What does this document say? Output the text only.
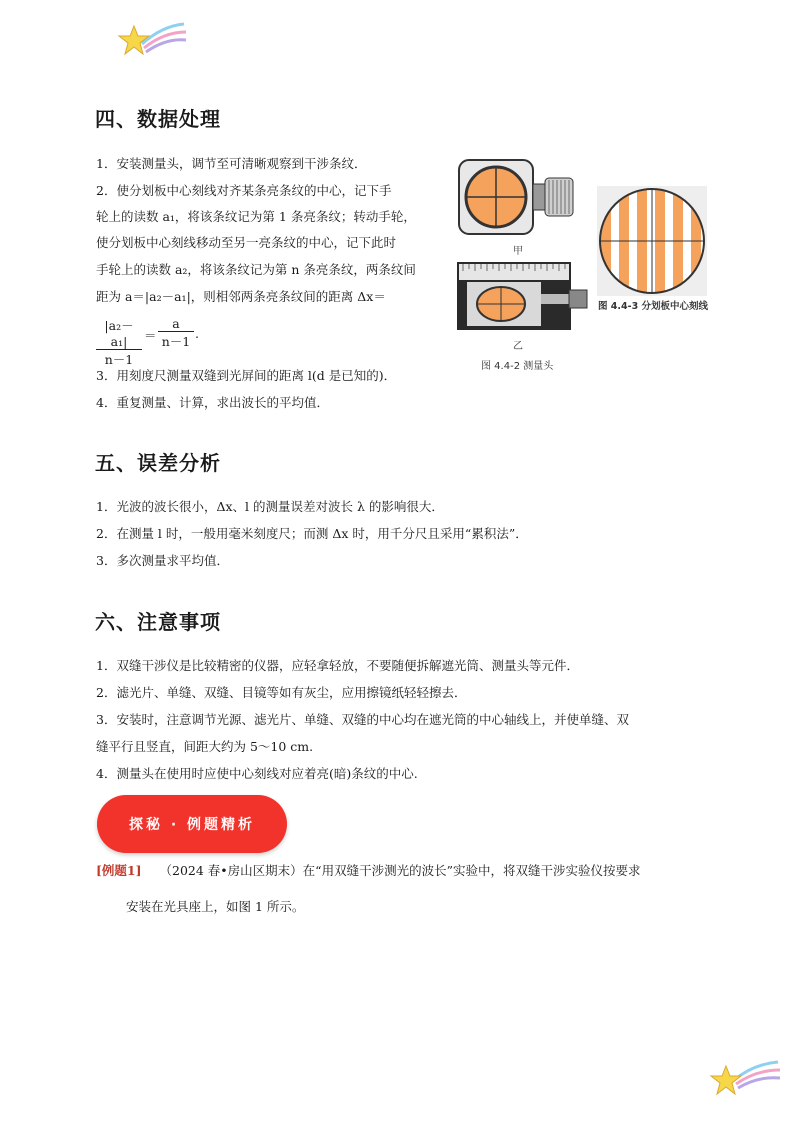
四、数据处理
1．安装测量头，调节至可清晰观察到干涉条纹．
2．使分划板中心刻线对齐某条亮条纹的中心，记下手
轮上的读数 a₁，将该条纹记为第 1 条亮条纹；转动手轮，
使分划板中心刻线移动至另一亮条纹的中心，记下此时
手轮上的读数 a₂，将该条纹记为第 n 条亮条纹，两条纹间
距为 a＝|a₂－a₁|，则相邻两条亮条纹间的距离 Δx＝
$\frac{\text{|a₂－a₁|}}{n-1} = \frac{a}{n-1}$ .
3．用刻度尺测量双缝到光屏间的距离 l(d 是已知的)．
4．重复测量、计算，求出波长的平均值．
甲
乙
图 4.4-2 测量头
图 4.4-3 分划板中心刻线
五、误差分析
1．光波的波长很小，Δx、l 的测量误差对波长 λ 的影响很大．
2．在测量 l 时，一般用毫米刻度尺；而测 Δx 时，用千分尺且采用“累积法”．
3．多次测量求平均值．
六、注意事项
1．双缝干涉仪是比较精密的仪器，应轻拿轻放，不要随便拆解遮光筒、测量头等元件．
2．滤光片、单缝、双缝、目镜等如有灰尘，应用擦镜纸轻轻擦去．
3．安装时，注意调节光源、滤光片、单缝、双缝的中心均在遮光筒的中心轴线上，并使单缝、双
缝平行且竖直，间距大约为 5～10 cm.
4．测量头在使用时应使中心刻线对应着亮(暗)条纹的中心.
探秘 · 例题精析
[例题1] （2024 春•房山区期末）在“用双缝干涉测光的波长”实验中，将双缝干涉实验仪按要求
安装在光具座上，如图 1 所示。
